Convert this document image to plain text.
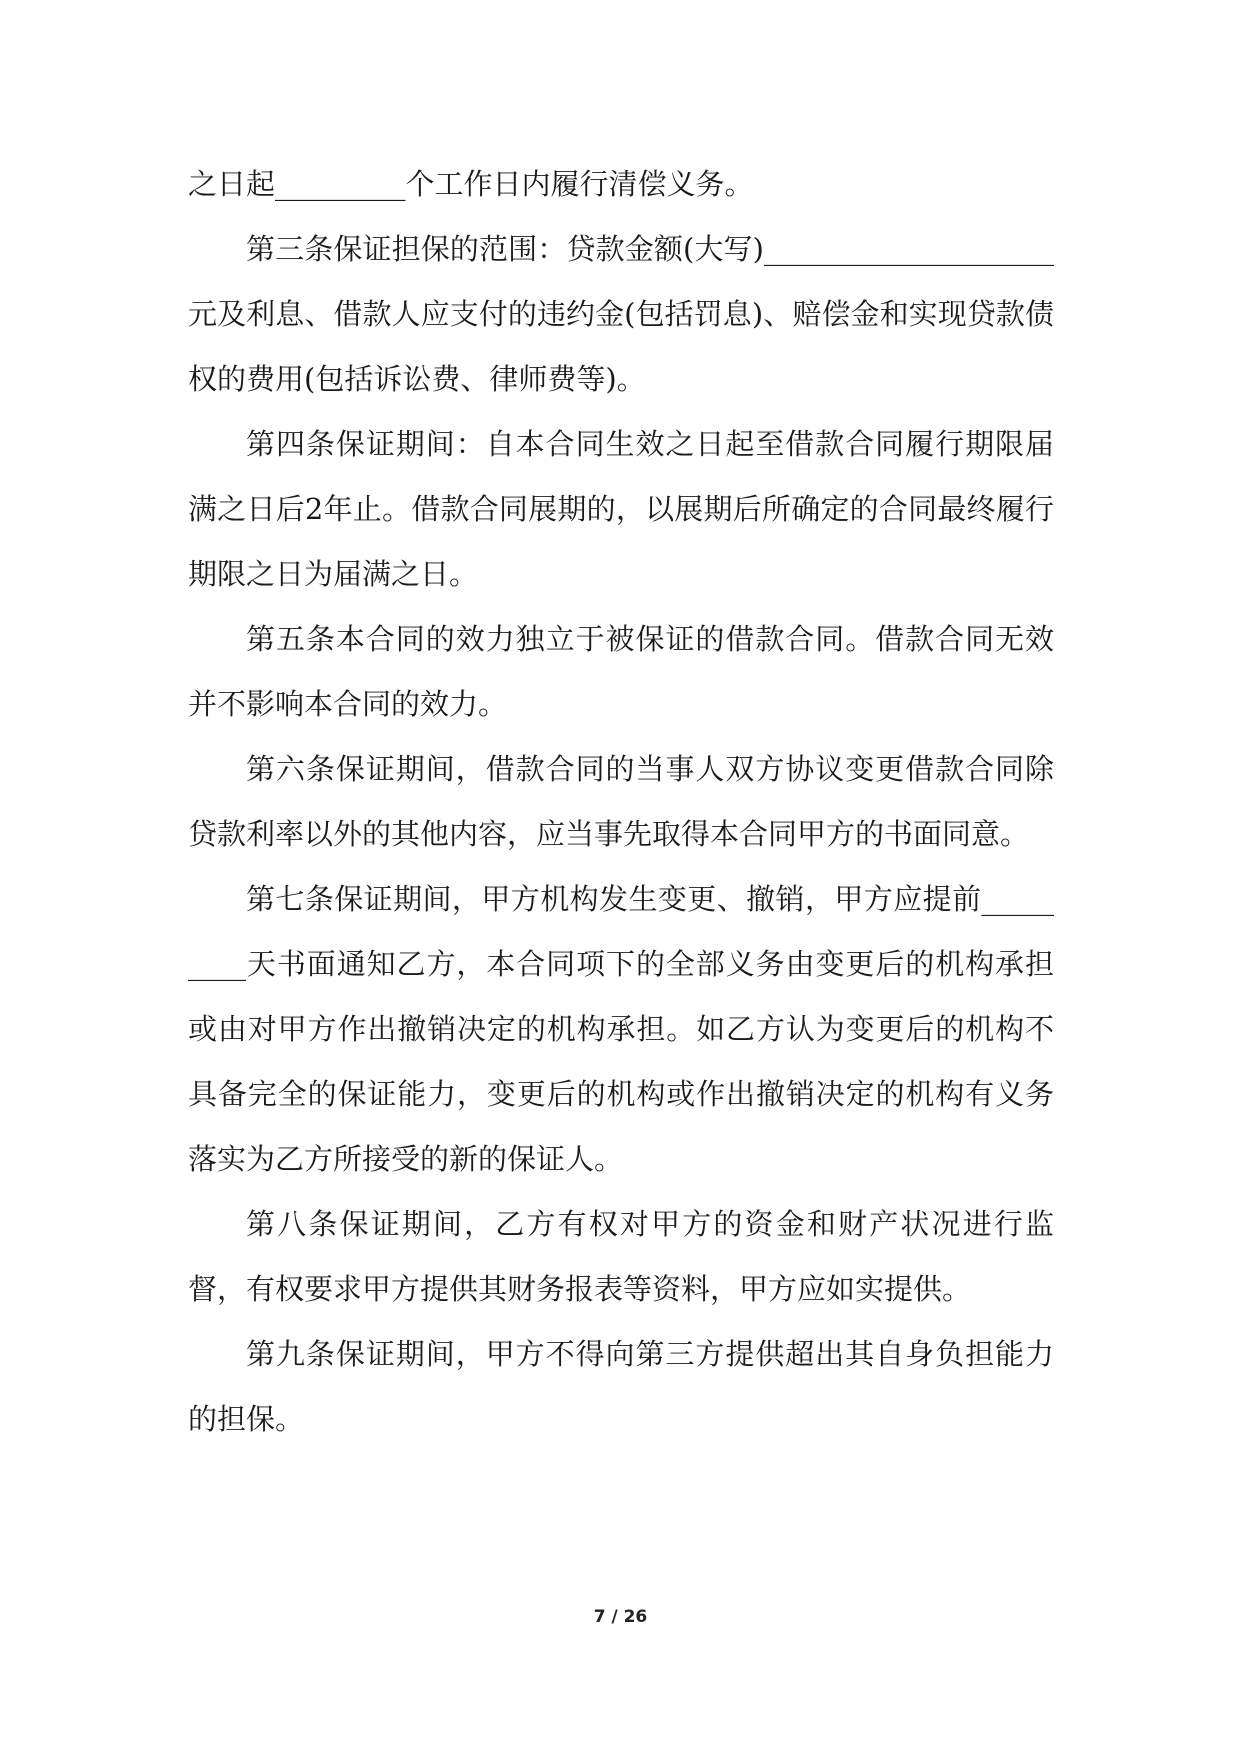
之日起_________个工作日内履行清偿义务。

第三条保证担保的范围：贷款金额(大写)____________________元及利息、借款人应支付的违约金(包括罚息)、赔偿金和实现贷款债权的费用(包括诉讼费、律师费等)。

第四条保证期间：自本合同生效之日起至借款合同履行期限届满之日后2年止。借款合同展期的，以展期后所确定的合同最终履行期限之日为届满之日。

第五条本合同的效力独立于被保证的借款合同。借款合同无效并不影响本合同的效力。

第六条保证期间，借款合同的当事人双方协议变更借款合同除贷款利率以外的其他内容，应当事先取得本合同甲方的书面同意。

第七条保证期间，甲方机构发生变更、撤销，甲方应提前_________天书面通知乙方，本合同项下的全部义务由变更后的机构承担或由对甲方作出撤销决定的机构承担。如乙方认为变更后的机构不具备完全的保证能力，变更后的机构或作出撤销决定的机构有义务落实为乙方所接受的新的保证人。

第八条保证期间，乙方有权对甲方的资金和财产状况进行监督，有权要求甲方提供其财务报表等资料，甲方应如实提供。

第九条保证期间，甲方不得向第三方提供超出其自身负担能力的担保。

7 / 26
